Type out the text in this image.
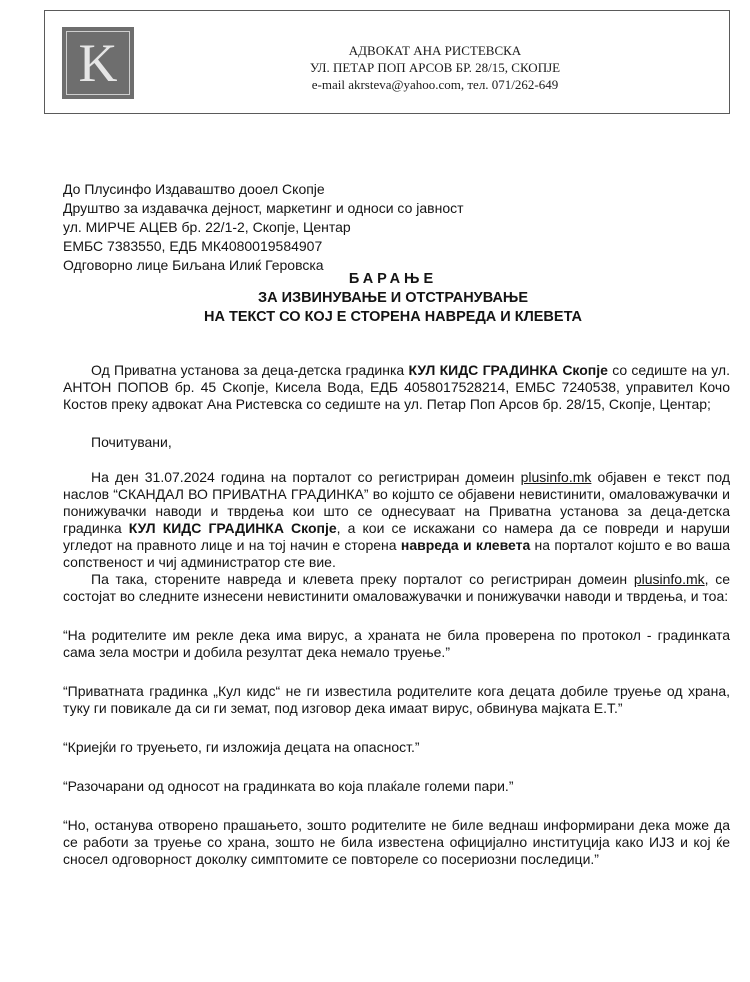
K	АДВОКАТ АНА РИСТЕВСКА
УЛ. ПЕТАР ПОП АРСОВ БР. 28/15, СКОПЈЕ
e-mail akrsteva@yahoo.com, тел. 071/262-649
До Плусинфо Издаваштво дооел Скопје
Друштво за издавачка дејност, маркетинг и односи со јавност
ул. МИРЧЕ АЦЕВ бр. 22/1-2, Скопје, Центар
ЕМБС 7383550, ЕДБ МК4080019584907
Одговорно лице Биљана Илиќ Геровска
БАРАЊЕ
ЗА ИЗВИНУВАЊЕ И ОТСТРАНУВАЊЕ
НА ТЕКСТ СО КОЈ Е СТОРЕНА НАВРЕДА И КЛЕВЕТА

Од Приватна установа за деца-детска градинка КУЛ КИДС ГРАДИНКА Скопје со седиште на ул. АНТОН ПОПОВ бр. 45 Скопје, Кисела Вода, ЕДБ 4058017528214, ЕМБС 7240538, управител Кочо Костов преку адвокат Ана Ристевска со седиште на ул. Петар Поп Арсов бр. 28/15, Скопје, Центар;

Почитувани,

На ден 31.07.2024 година на порталот со регистриран домеин plusinfo.mk објавен е текст под наслов “СКАНДАЛ ВО ПРИВАТНА ГРАДИНКА” во којшто се објавени невистинити, омаловажувачки и понижувачки наводи и тврдења кои што се однесуваат на Приватна установа за деца-детска градинка КУЛ КИДС ГРАДИНКА Скопје, а кои се искажани со намера да се повреди и наруши угледот на правното лице и на тој начин е сторена навреда и клевета на порталот којшто е во ваша сопственост и чиј администратор сте вие.

Па така, сторените навреда и клевета преку порталот со регистриран домеин plusinfo.mk, се состојат во следните изнесени невистинити омаловажувачки и понижувачки наводи и тврдења, и тоа:

“На родителите им рекле дека има вирус, а храната не била проверена по протокол - градинката сама зела мостри и добила резултат дека немало труење.”

“Приватната градинка „Кул кидс“ не ги известила родителите кога децата добиле труење од храна, туку ги повикале да си ги земат, под изговор дека имаат вирус, обвинува мајката Е.Т.”

“Криејќи го труењето, ги изложија децата на опасност.”

“Разочарани од односот на градинката во која плаќале големи пари.”

“Но, останува отворено прашањето, зошто родителите не биле веднаш информирани дека може да се работи за труење со храна, зошто не била известена официјално институција како ИЈЗ и кој ќе сносел одговорност доколку симптомите се повтореле со посериозни последици.”
